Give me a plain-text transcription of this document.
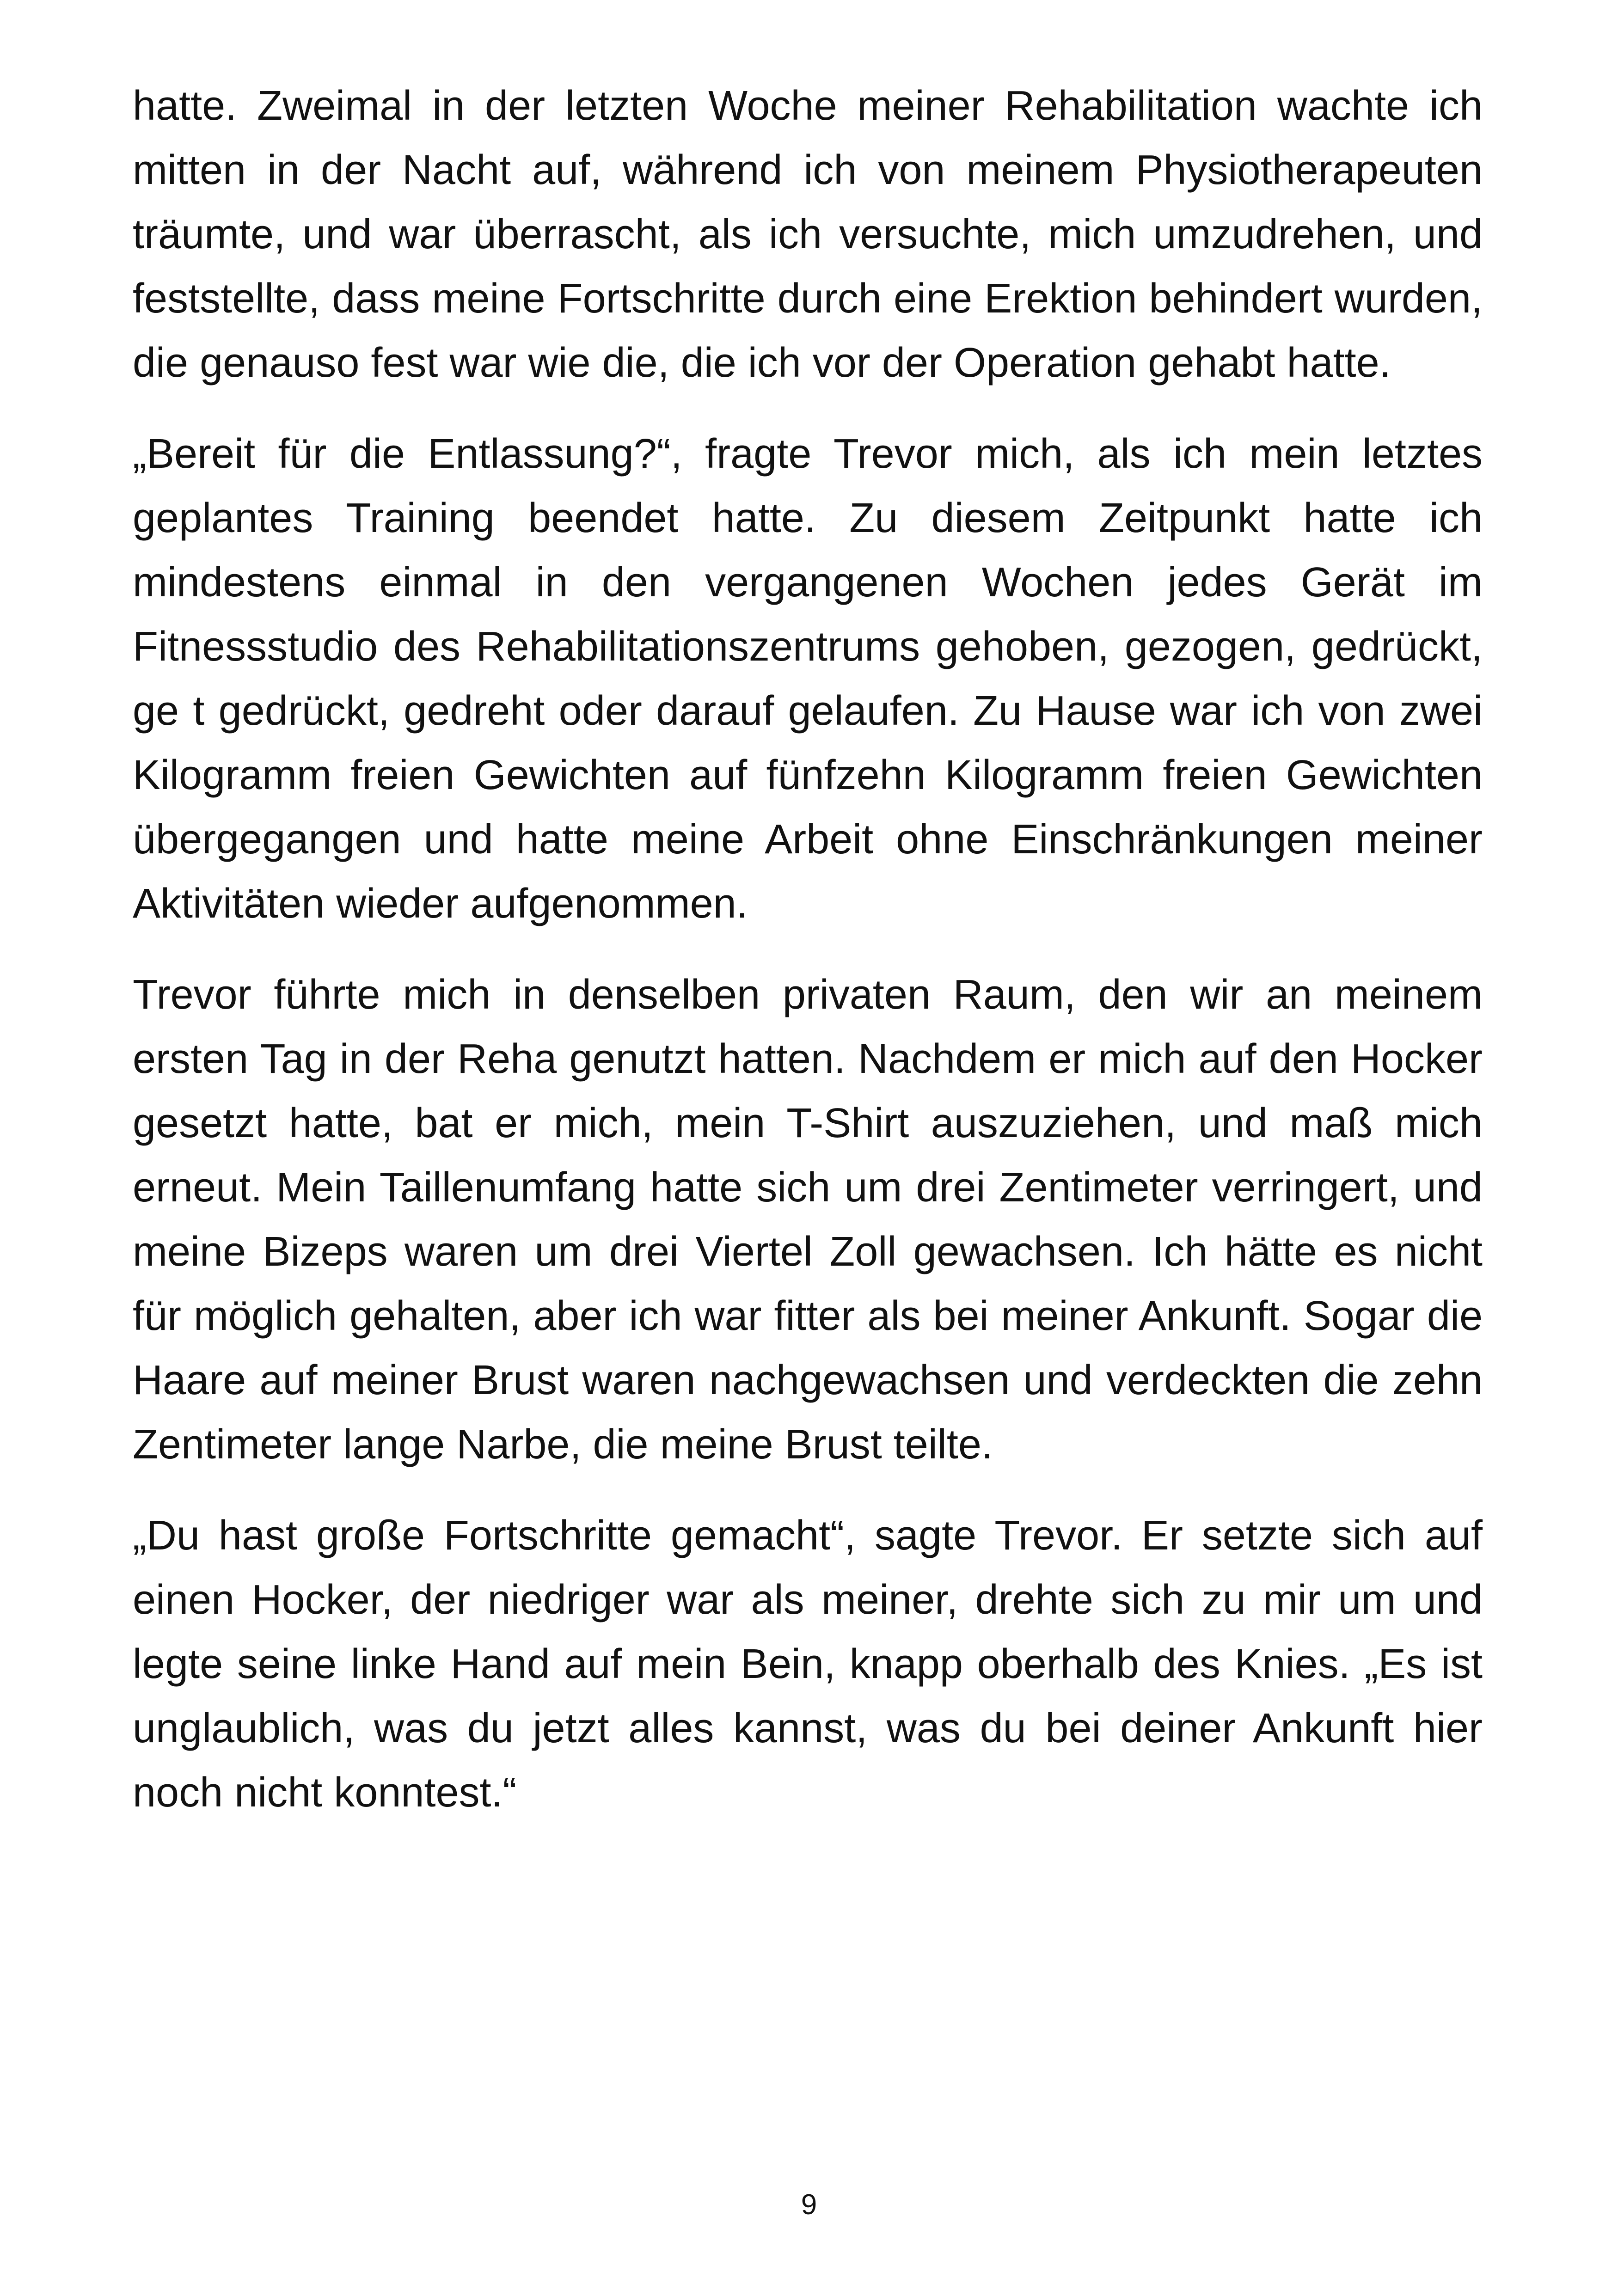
hatte. Zweimal in der letzten Woche meiner Rehabilitation wachte ich mitten in der Nacht auf, während ich von meinem Physiotherapeuten träumte, und war überrascht, als ich versuchte, mich umzudrehen, und feststellte, dass meine Fortschritte durch eine Erektion behindert wurden, die genauso fest war wie die, die ich vor der Operation gehabt hatte.

„Bereit für die Entlassung?“, fragte Trevor mich, als ich mein letztes geplantes Training beendet hatte. Zu diesem Zeitpunkt hatte ich mindestens einmal in den vergangenen Wochen jedes Gerät im Fitnessstudio des Rehabilitationszentrums gehoben, gezogen, gedrückt, ge t gedrückt, gedreht oder darauf gelaufen. Zu Hause war ich von zwei Kilogramm freien Gewichten auf fünfzehn Kilogramm freien Gewichten übergegangen und hatte meine Arbeit ohne Einschränkungen meiner Aktivitäten wieder aufgenommen.

Trevor führte mich in denselben privaten Raum, den wir an meinem ersten Tag in der Reha genutzt hatten. Nachdem er mich auf den Hocker gesetzt hatte, bat er mich, mein T-Shirt auszuziehen, und maß mich erneut. Mein Taillenumfang hatte sich um drei Zentimeter verringert, und meine Bizeps waren um drei Viertel Zoll gewachsen. Ich hätte es nicht für möglich gehalten, aber ich war fitter als bei meiner Ankunft. Sogar die Haare auf meiner Brust waren nachgewachsen und verdeckten die zehn Zentimeter lange Narbe, die meine Brust teilte.

„Du hast große Fortschritte gemacht“, sagte Trevor. Er setzte sich auf einen Hocker, der niedriger war als meiner, drehte sich zu mir um und legte seine linke Hand auf mein Bein, knapp oberhalb des Knies. „Es ist unglaublich, was du jetzt alles kannst, was du bei deiner Ankunft hier noch nicht konntest.“

9
